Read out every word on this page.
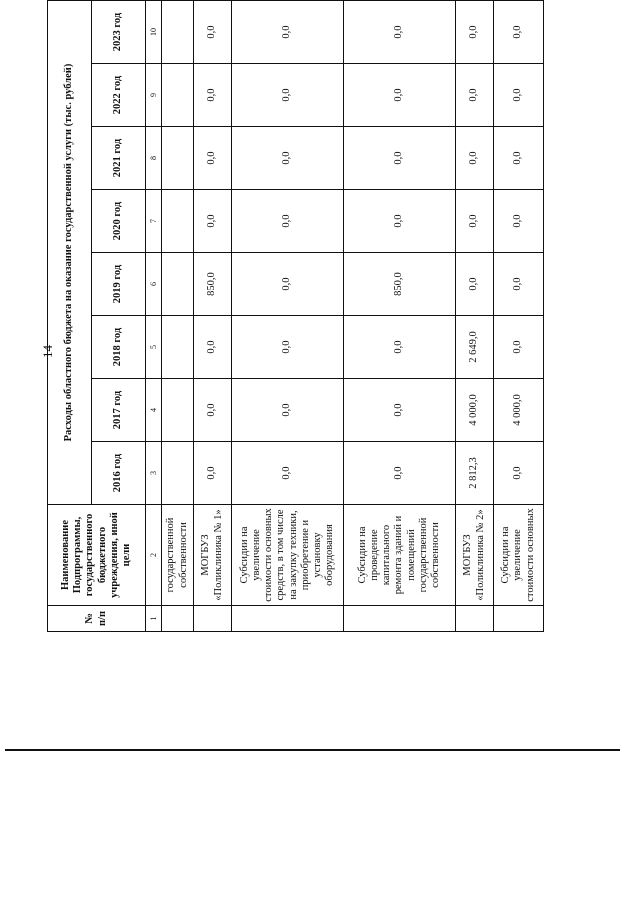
14
№ п/п	Наименование Подпрограммы, государственного бюджетного учреждения, иной цели	Расходы областного бюджета на оказание государственной услуги (тыс. рублей)							
		2016 год	2017 год	2018 год	2019 год	2020 год	2021 год	2022 год	2023 год
1	2	3	4	5	6	7	8	9	10
	государственной собственности								
	МОГБУЗ «Поликлиника № 1»	0,0	0,0	0,0	850,0	0,0	0,0	0,0	0,0
	Субсидии на увеличение стоимости основных средств, в том числе на закупку техники, приобретение и установку оборудования	0,0	0,0	0,0	0,0	0,0	0,0	0,0	0,0
	Субсидии на проведение капитального ремонта зданий и помещений государственной собственности	0,0	0,0	0,0	850,0	0,0	0,0	0,0	0,0
	МОГБУЗ «Поликлиника № 2»	2 812,3	4 000,0	2 649,0	0,0	0,0	0,0	0,0	0,0
	Субсидии на увеличение стоимости основных	0,0	4 000,0	0,0	0,0	0,0	0,0	0,0	0,0
